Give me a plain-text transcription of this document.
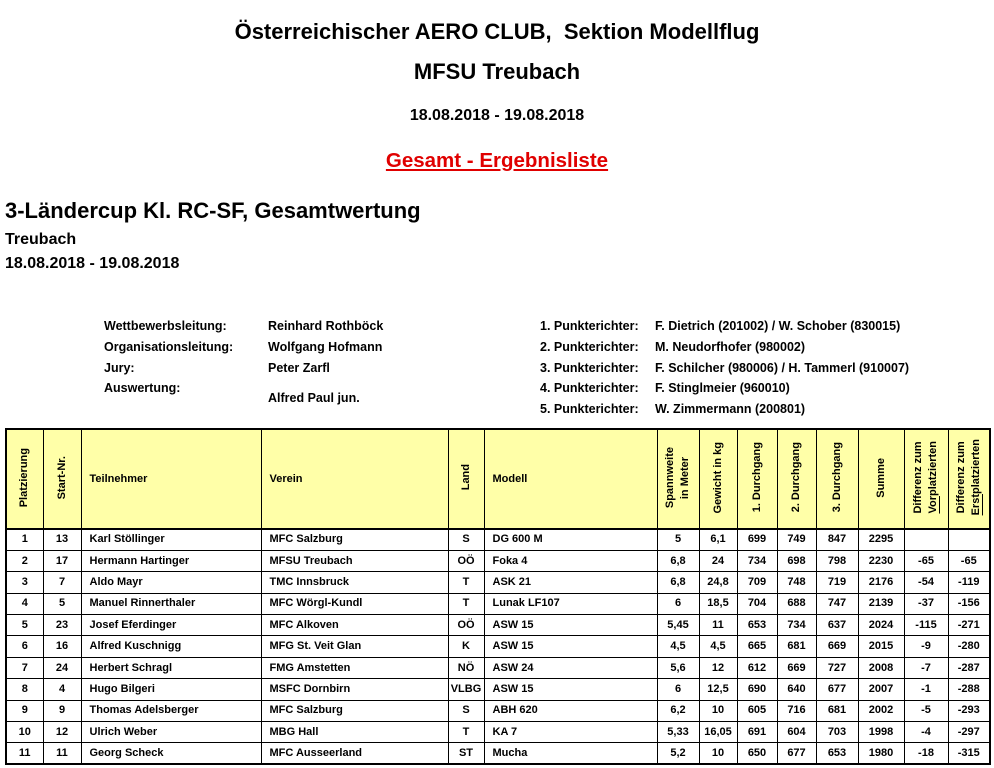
Österreichischer AERO CLUB,  Sektion Modellflug
MFSU Treubach
18.08.2018 - 19.08.2018
Gesamt - Ergebnisliste
3-Ländercup Kl. RC-SF, Gesamtwertung
Treubach
18.08.2018 - 19.08.2018
Wettbewerbsleitung:	Reinhard Rothböck
Organisationsleitung:	Wolfgang Hofmann
Jury:	Peter Zarfl
Auswertung:
Alfred Paul jun.
1. Punkterichter: F. Dietrich (201002) / W. Schober (830015)
2. Punkterichter: M. Neudorfhofer (980002)
3. Punkterichter: F. Schilcher (980006) / H. Tammerl (910007)
4. Punkterichter: F. Stinglmeier (960010)
5. Punkterichter: W. Zimmermann (200801)
Platzierung	Start-Nr.	Teilnehmer	Verein	Land	Modell	Spannweite in Meter	Gewicht in kg	1. Durchgang	2. Durchgang	3. Durchgang	Summe	Differenz zum Vorplatzierten	Differenz zum Erstplatzierten
1	13	Karl Stöllinger	MFC Salzburg	S	DG 600 M	5	6,1	699	749	847	2295		
2	17	Hermann Hartinger	MFSU Treubach	OÖ	Foka 4	6,8	24	734	698	798	2230	-65	-65
3	7	Aldo Mayr	TMC Innsbruck	T	ASK 21	6,8	24,8	709	748	719	2176	-54	-119
4	5	Manuel Rinnerthaler	MFC Wörgl-Kundl	T	Lunak LF107	6	18,5	704	688	747	2139	-37	-156
5	23	Josef Eferdinger	MFC Alkoven	OÖ	ASW 15	5,45	11	653	734	637	2024	-115	-271
6	16	Alfred Kuschnigg	MFG St. Veit Glan	K	ASW 15	4,5	4,5	665	681	669	2015	-9	-280
7	24	Herbert Schragl	FMG Amstetten	NÖ	ASW 24	5,6	12	612	669	727	2008	-7	-287
8	4	Hugo Bilgeri	MSFC Dornbirn	VLBG	ASW 15	6	12,5	690	640	677	2007	-1	-288
9	9	Thomas Adelsberger	MFC Salzburg	S	ABH 620	6,2	10	605	716	681	2002	-5	-293
10	12	Ulrich Weber	MBG Hall	T	KA 7	5,33	16,05	691	604	703	1998	-4	-297
11	11	Georg Scheck	MFC Ausseerland	ST	Mucha	5,2	10	650	677	653	1980	-18	-315
